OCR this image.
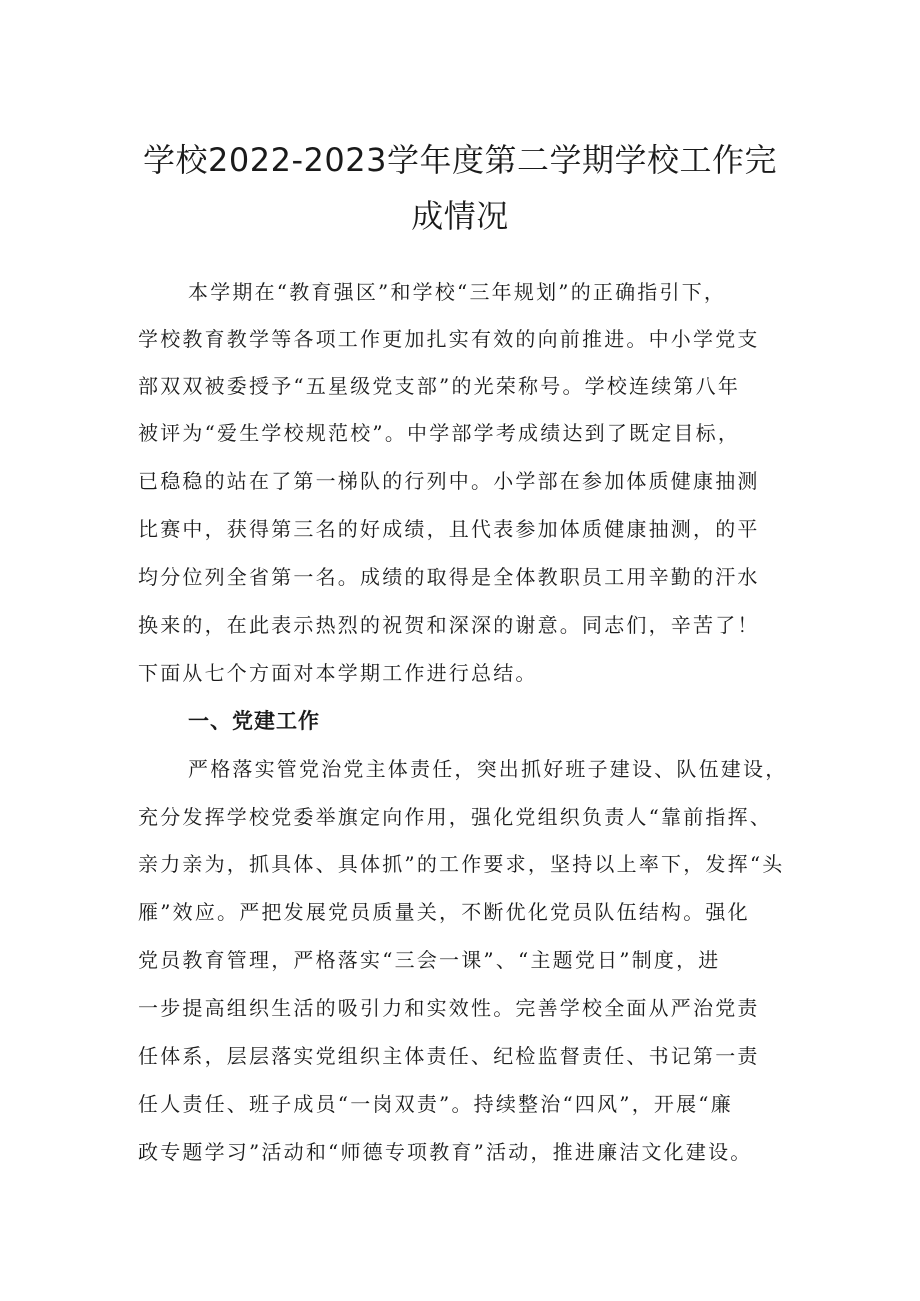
学校2022-2023学年度第二学期学校工作完
成情况
本学期在“教育强区”和学校“三年规划”的正确指引下，
学校教育教学等各项工作更加扎实有效的向前推进。中小学党支
部双双被委授予“五星级党支部”的光荣称号。学校连续第八年
被评为“爱生学校规范校”。中学部学考成绩达到了既定目标，
已稳稳的站在了第一梯队的行列中。小学部在参加体质健康抽测
比赛中，获得第三名的好成绩，且代表参加体质健康抽测，的平
均分位列全省第一名。成绩的取得是全体教职员工用辛勤的汗水
换来的，在此表示热烈的祝贺和深深的谢意。同志们，辛苦了！
下面从七个方面对本学期工作进行总结。
一、党建工作
严格落实管党治党主体责任，突出抓好班子建设、队伍建设，
充分发挥学校党委举旗定向作用，强化党组织负责人“靠前指挥、
亲力亲为，抓具体、具体抓”的工作要求，坚持以上率下，发挥“头
雁”效应。严把发展党员质量关，不断优化党员队伍结构。强化
党员教育管理，严格落实“三会一课”、“主题党日”制度，进
一步提高组织生活的吸引力和实效性。完善学校全面从严治党责
任体系，层层落实党组织主体责任、纪检监督责任、书记第一责
任人责任、班子成员“一岗双责”。持续整治“四风”，开展“廉
政专题学习”活动和“师德专项教育”活动，推进廉洁文化建设。
